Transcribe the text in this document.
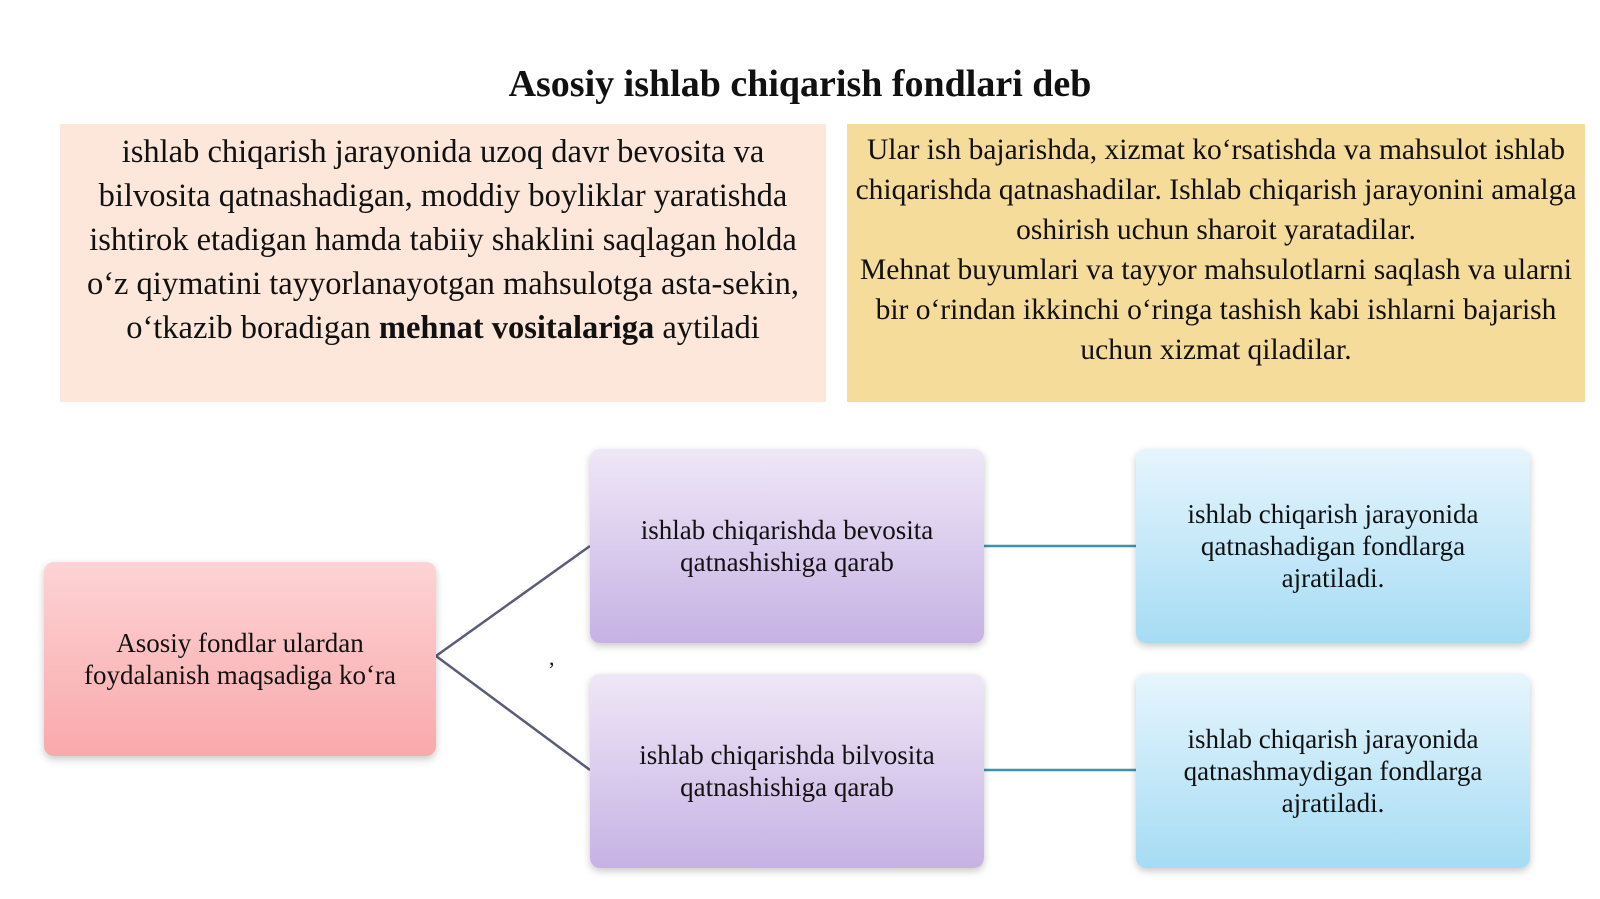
Asosiy ishlab chiqarish fondlari deb
ishlab chiqarish jarayonida uzoq davr bevosita va bilvosita qatnashadigan, moddiy boyliklar yaratishda ishtirok etadigan hamda tabiiy shaklini saqlagan holda o‘z qiymatini tayyorlanayotgan mahsulotga asta-sekin, o‘tkazib boradigan mehnat vositalariga aytiladi

Ular ish bajarishda, xizmat ko‘rsatishda va mahsulot ishlab chiqarishda qatnashadilar. Ishlab chiqarish jarayonini amalga oshirish uchun sharoit yaratadilar.

Mehnat buyumlari va tayyor mahsulotlarni saqlash va ularni bir o‘rindan ikkinchi o‘ringa tashish kabi ishlarni bajarish uchun xizmat qiladilar.

,
Asosiy fondlar ulardan foydalanish maqsadiga ko‘ra
ishlab chiqarishda bevosita qatnashishiga qarab
ishlab chiqarishda bilvosita qatnashishiga qarab
ishlab chiqarish jarayonida qatnashadigan fondlarga ajratiladi.
ishlab chiqarish jarayonida qatnashmaydigan fondlarga ajratiladi.
